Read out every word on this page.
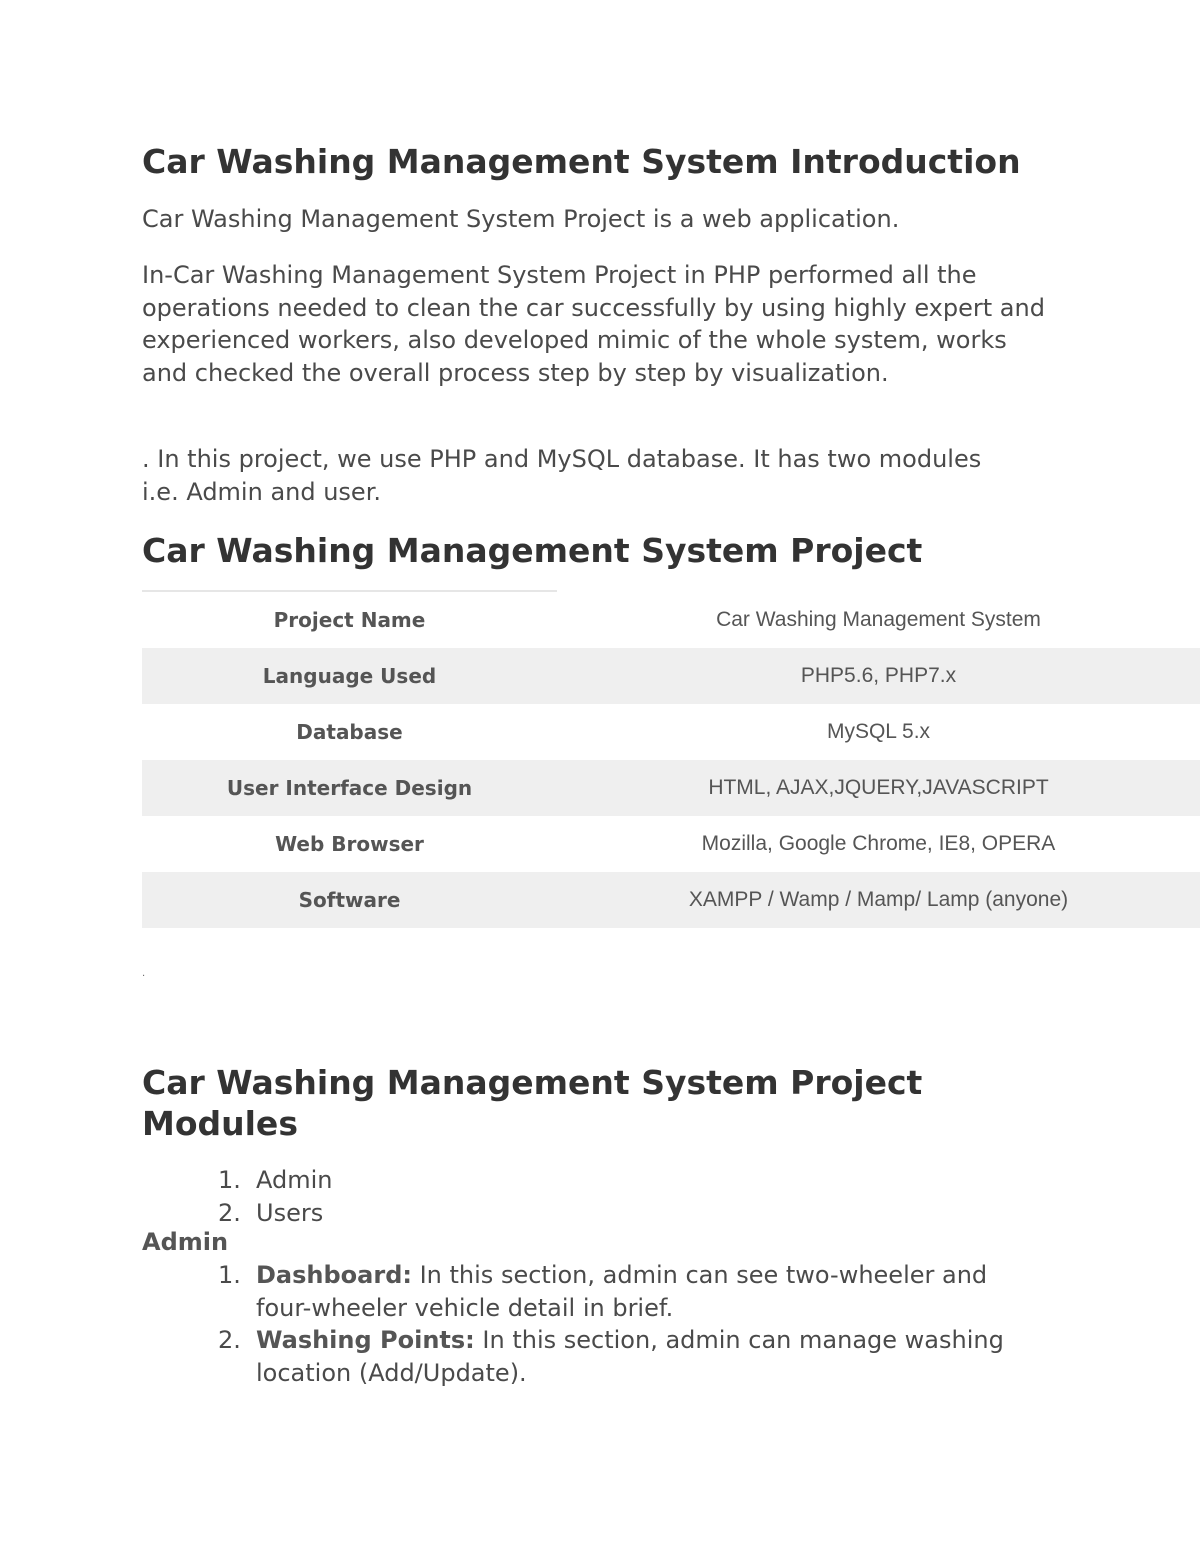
Car Washing Management System Introduction

Car Washing Management System Project is a web application.

In-Car Washing Management System Project in PHP performed all the operations needed to clean the car successfully by using highly expert and experienced workers, also developed mimic of the whole system, works and checked the overall process step by step by visualization.

. In this project, we use PHP and MySQL database. It has two modules i.e. Admin and user.

Car Washing Management System Project
Project Name	Car Washing Management System
Language Used	PHP5.6, PHP7.x
Database	MySQL 5.x
User Interface Design	HTML, AJAX,JQUERY,JAVASCRIPT
Web Browser	Mozilla, Google Chrome, IE8, OPERA
Software	XAMPP / Wamp / Mamp/ Lamp (anyone)
.
Car Washing Management System Project Modules
1. Admin
2. Users
Admin
1. Dashboard: In this section, admin can see two-wheeler and four-wheeler vehicle detail in brief.
2. Washing Points: In this section, admin can manage washing location (Add/Update).
